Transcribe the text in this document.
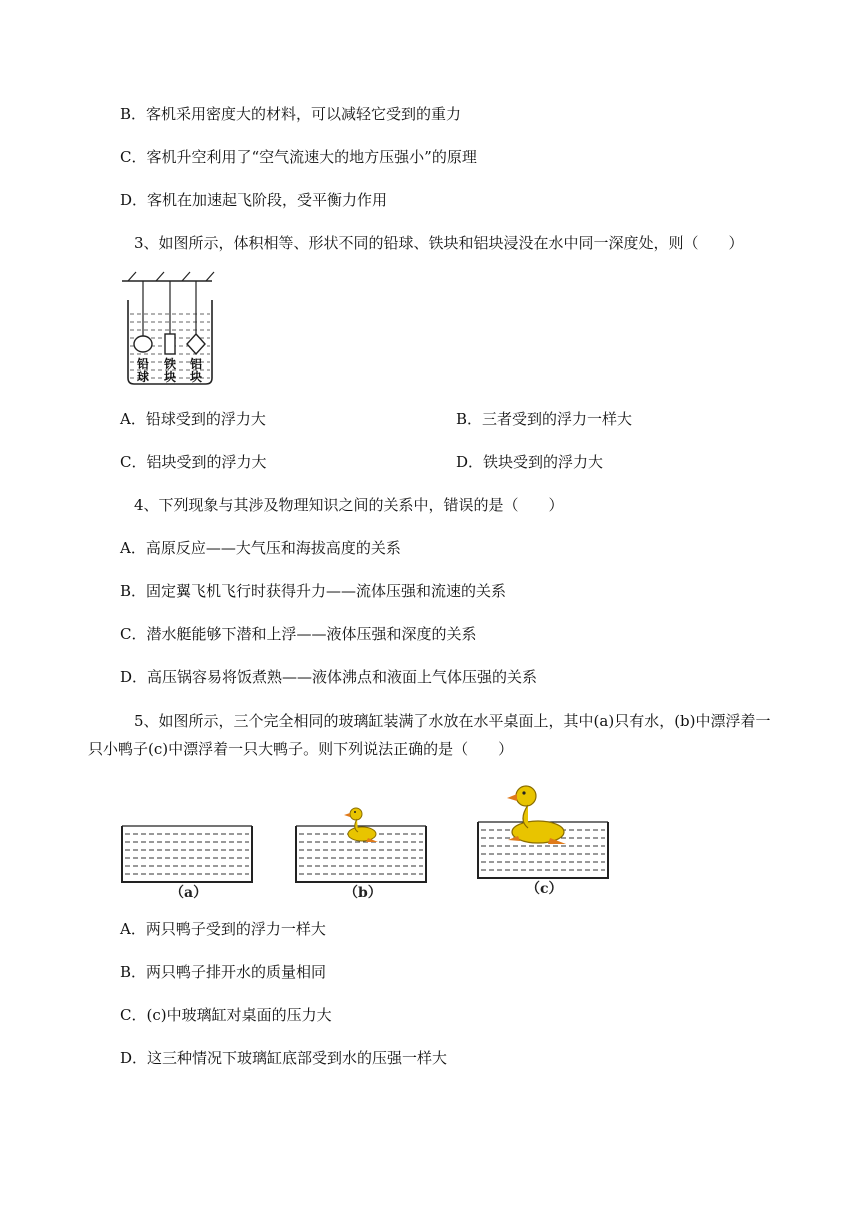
B．客机采用密度大的材料，可以减轻它受到的重力
C．客机升空利用了“空气流速大的地方压强小”的原理
D．客机在加速起飞阶段，受平衡力作用
3、如图所示，体积相等、形状不同的铅球、铁块和铝块浸没在水中同一深度处，则（　　）
铅
球
铁
块
铝
块
A．铅球受到的浮力大	B．三者受到的浮力一样大
C．铝块受到的浮力大	D．铁块受到的浮力大
4、下列现象与其涉及物理知识之间的关系中，错误的是（　　）
A．高原反应——大气压和海拔高度的关系
B．固定翼飞机飞行时获得升力——流体压强和流速的关系
C．潜水艇能够下潜和上浮——液体压强和深度的关系
D．高压锅容易将饭煮熟——液体沸点和液面上气体压强的关系
5、如图所示，三个完全相同的玻璃缸装满了水放在水平桌面上，其中(a)只有水，(b)中漂浮着一
只小鸭子(c)中漂浮着一只大鸭子。则下列说法正确的是（　　）
（a）	（b）	（c）
A．两只鸭子受到的浮力一样大
B．两只鸭子排开水的质量相同
C．(c)中玻璃缸对桌面的压力大
D．这三种情况下玻璃缸底部受到水的压强一样大
